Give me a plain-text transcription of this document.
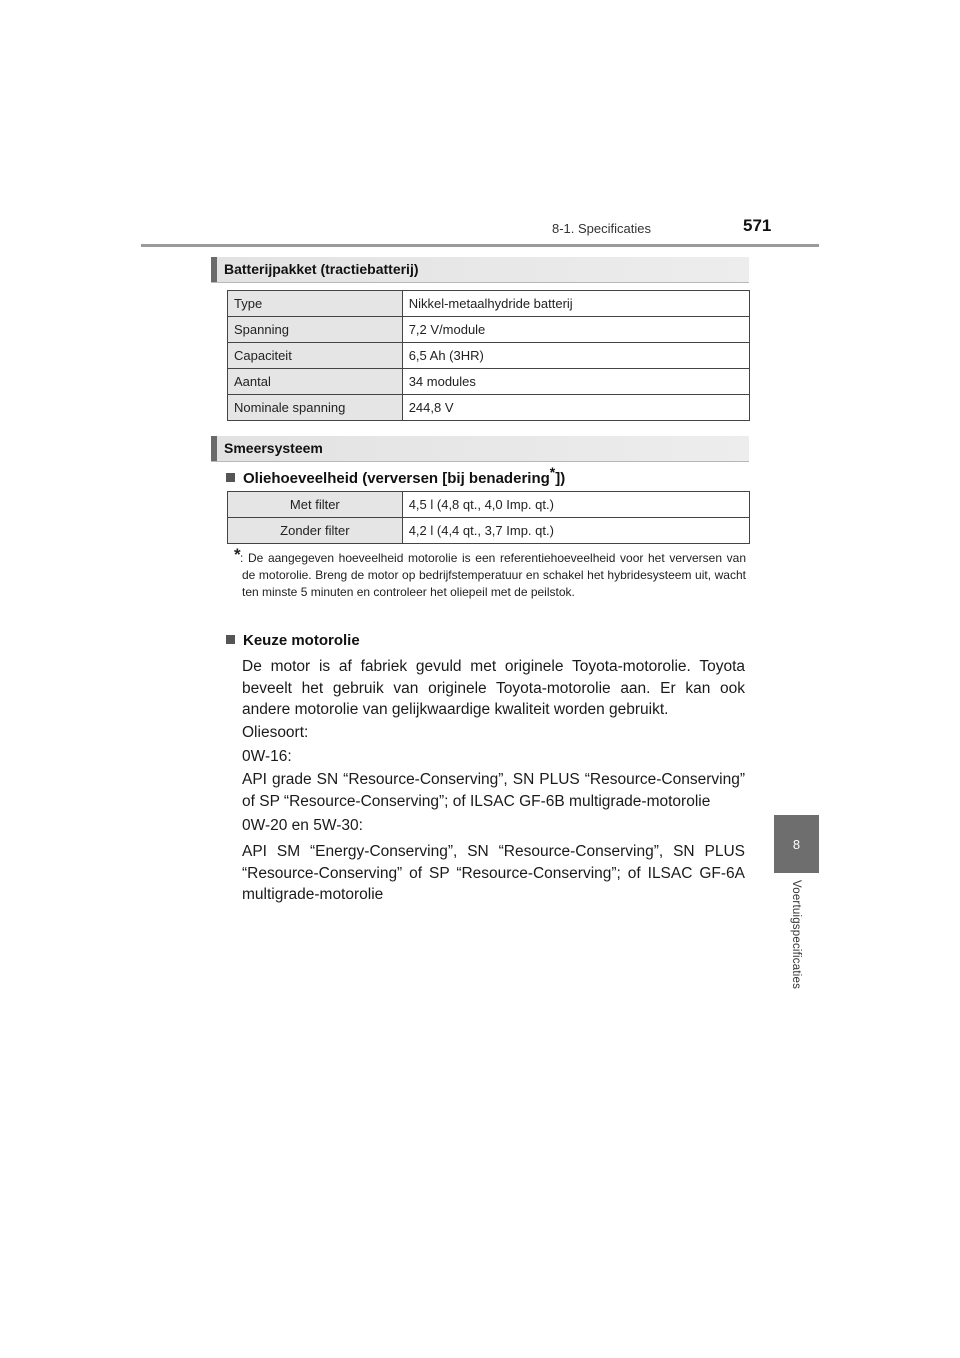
8-1. Specificaties	571
8
Voertuigspecificaties
Batterijpakket (tractiebatterij)
Type	Nikkel-metaalhydride batterij
Spanning	7,2 V/module
Capaciteit	6,5 Ah (3HR)
Aantal	34 modules
Nominale spanning	244,8 V
Smeersysteem
Oliehoeveelheid (verversen [bij benadering*])
Met filter	4,5 l (4,8 qt., 4,0 Imp. qt.)
Zonder filter	4,2 l (4,4 qt., 3,7 Imp. qt.)
* : De aangegeven hoeveelheid motorolie is een referentiehoeveelheid voor het verversen van de motorolie. Breng de motor op bedrijfstemperatuur en schakel het hybridesysteem uit, wacht ten minste 5 minuten en controleer het oliepeil met de peilstok.
Keuze motorolie
De motor is af fabriek gevuld met originele Toyota-motorolie. Toyota beveelt het gebruik van originele Toyota-motorolie aan. Er kan ook andere motorolie van gelijkwaardige kwaliteit worden gebruikt.
Oliesoort:
0W-16:
API grade SN “Resource-Conserving”, SN PLUS “Resource-Conserving” of SP “Resource-Conserving”; of ILSAC GF-6B multigrade-motorolie
0W-20 en 5W-30:
API SM “Energy-Conserving”, SN “Resource-Conserving”, SN PLUS “Resource-Conserving” of SP “Resource-Conserving”; of ILSAC GF-6A multigrade-motorolie
